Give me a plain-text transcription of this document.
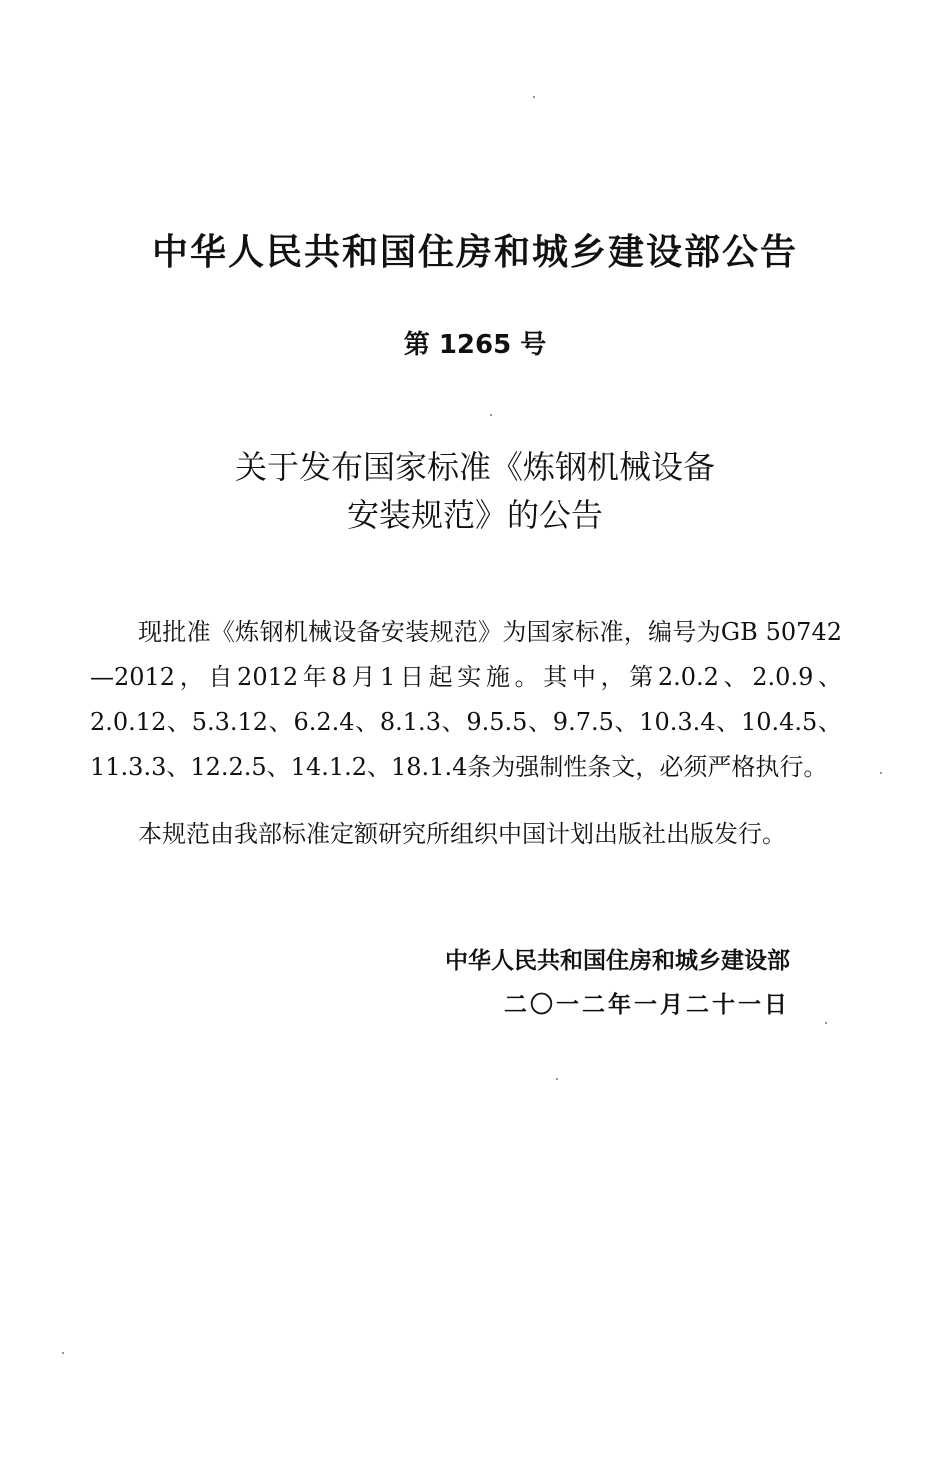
中华人民共和国住房和城乡建设部公告
第 1265 号
关于发布国家标准《炼钢机械设备
安装规范》的公告

现批准《炼钢机械设备安装规范》为国家标准，编号为GB 50742—2012，自2012年8月1日起实施。其中，第2.0.2、2.0.9、2.0.12、5.3.12、6.2.4、8.1.3、9.5.5、9.7.5、10.3.4、10.4.5、11.3.3、12.2.5、14.1.2、18.1.4条为强制性条文，必须严格执行。

本规范由我部标准定额研究所组织中国计划出版社出版发行。

中华人民共和国住房和城乡建设部
二〇一二年一月二十一日
